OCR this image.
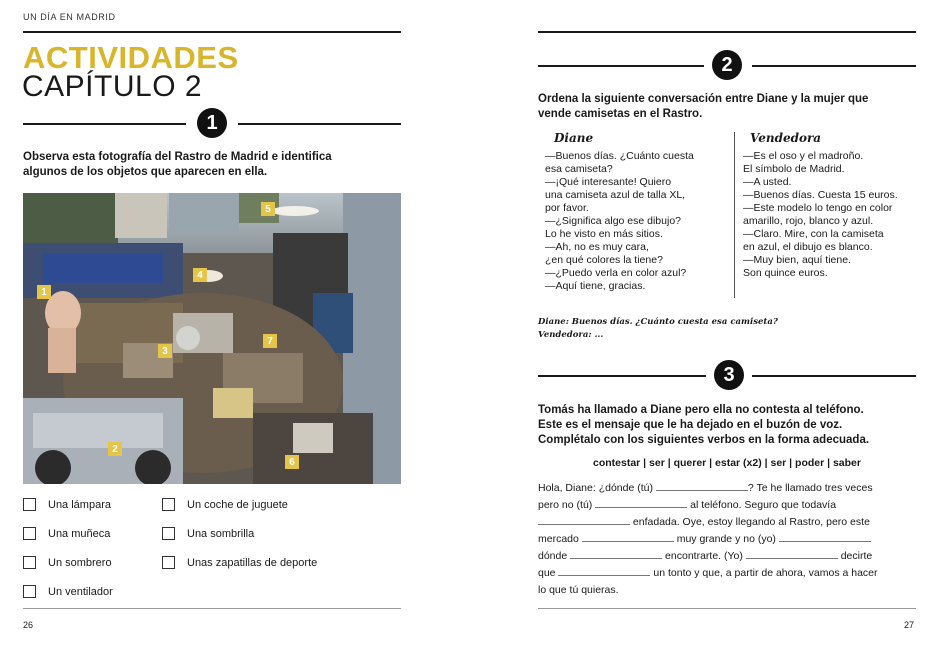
UN DÍA EN MADRID
ACTIVIDADES
CAPÍTULO 2
1
Observa esta fotografía del Rastro de Madrid e identifica
algunos de los objetos que aparecen en ella.
1
2
3
4
5
6
7
Una lámpara
Una muñeca
Un sombrero
Un ventilador
Un coche de juguete
Una sombrilla
Unas zapatillas de deporte
26
2
Ordena la siguiente conversación entre Diane y la mujer que
vende camisetas en el Rastro.
Diane	Vendedora
—Buenos días. ¿Cuánto cuesta
esa camiseta?
—¡Qué interesante! Quiero
una camiseta azul de talla XL,
por favor.
—¿Significa algo ese dibujo?
Lo he visto en más sitios.
—Ah, no es muy cara,
¿en qué colores la tiene?
—¿Puedo verla en color azul?
—Aquí tiene, gracias.
—Es el oso y el madroño.
El símbolo de Madrid.
—A usted.
—Buenos días. Cuesta 15 euros.
—Este modelo lo tengo en color
amarillo, rojo, blanco y azul.
—Claro. Mire, con la camiseta
en azul, el dibujo es blanco.
—Muy bien, aquí tiene.
Son quince euros.
Diane: Buenos días. ¿Cuánto cuesta esa camiseta?
Vendedora: ...
3
Tomás ha llamado a Diane pero ella no contesta al teléfono.
Este es el mensaje que le ha dejado en el buzón de voz.
Complétalo con los siguientes verbos en la forma adecuada.
contestar | ser | querer | estar (x2) | ser | poder | saber
Hola, Diane: ¿dónde (tú)	? Te he llamado tres veces
pero no (tú)	al teléfono. Seguro que todavía
enfadada. Oye, estoy llegando al Rastro, pero este
mercado	muy grande y no (yo)
dónde	encontrarte. (Yo)	decirte
que	un tonto y que, a partir de ahora, vamos a hacer
lo que tú quieras.
27
